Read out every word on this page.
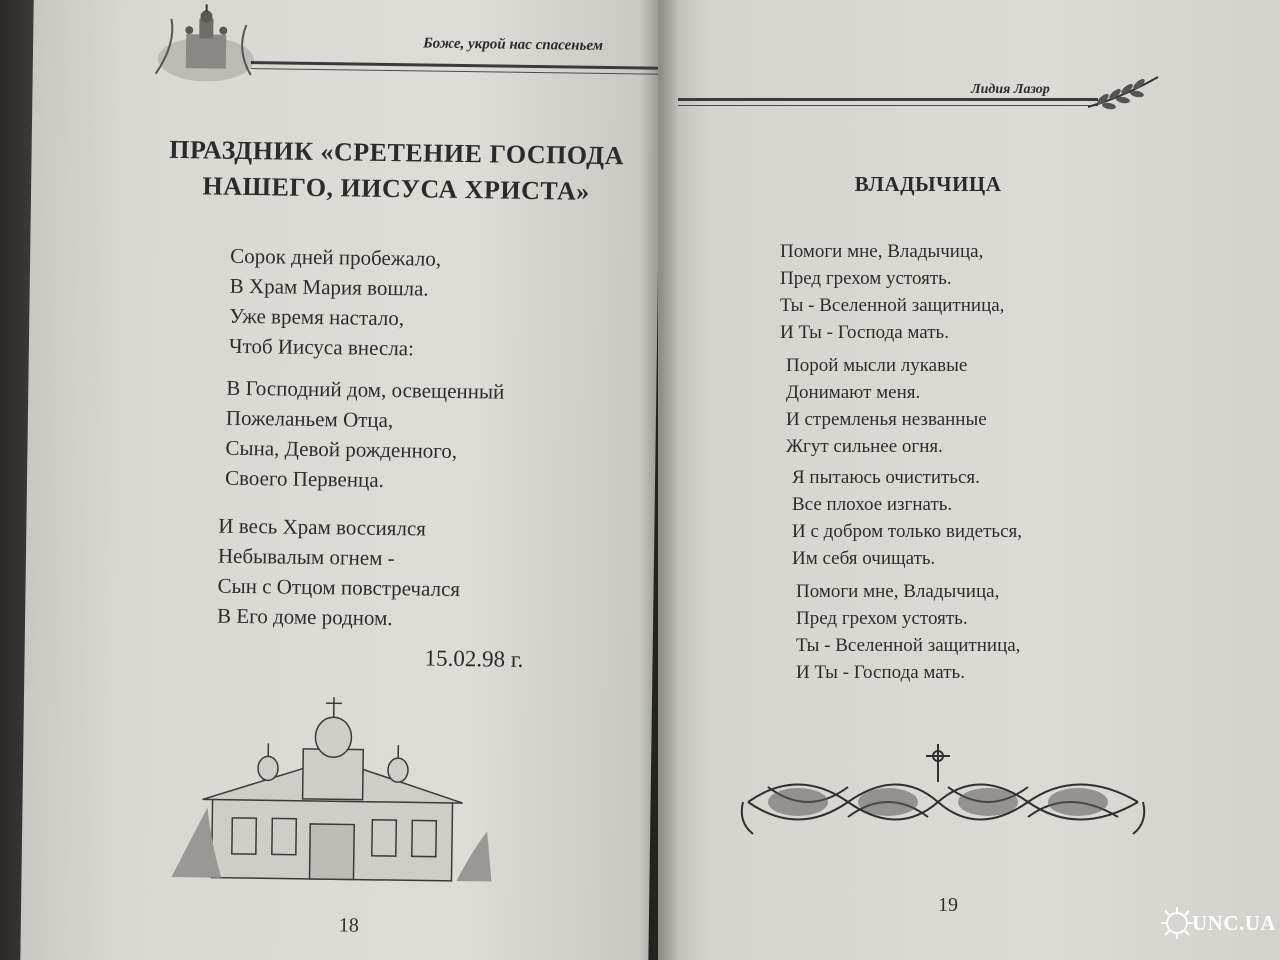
Боже, укрой нас спасеньем
ПРАЗДНИК «СРЕТЕНИЕ ГОСПОДА
НАШЕГО, ИИСУСА ХРИСТА»
Сорок дней пробежало,
В Храм Мария вошла.
Уже время настало,
Чтоб Иисуса внесла:
В Господний дом, освещенный
Пожеланьем Отца,
Сына, Девой рожденного,
Своего Первенца.
И весь Храм воссиялся
Небывалым огнем -
Сын с Отцом повстречался
В Его доме родном.
15.02.98 г.
18
Лидия Лазор
ВЛАДЫЧИЦА
Помоги мне, Владычица,
Пред грехом устоять.
Ты - Вселенной защитница,
И Ты - Господа мать.
Порой мысли лукавые
Донимают меня.
И стремленья незванные
Жгут сильнее огня.
Я пытаюсь очиститься.
Все плохое изгнать.
И с добром только видеться,
Им себя очищать.
Помоги мне, Владычица,
Пред грехом устоять.
Ты - Вселенной защитница,
И Ты - Господа мать.
19
UNC.UA
